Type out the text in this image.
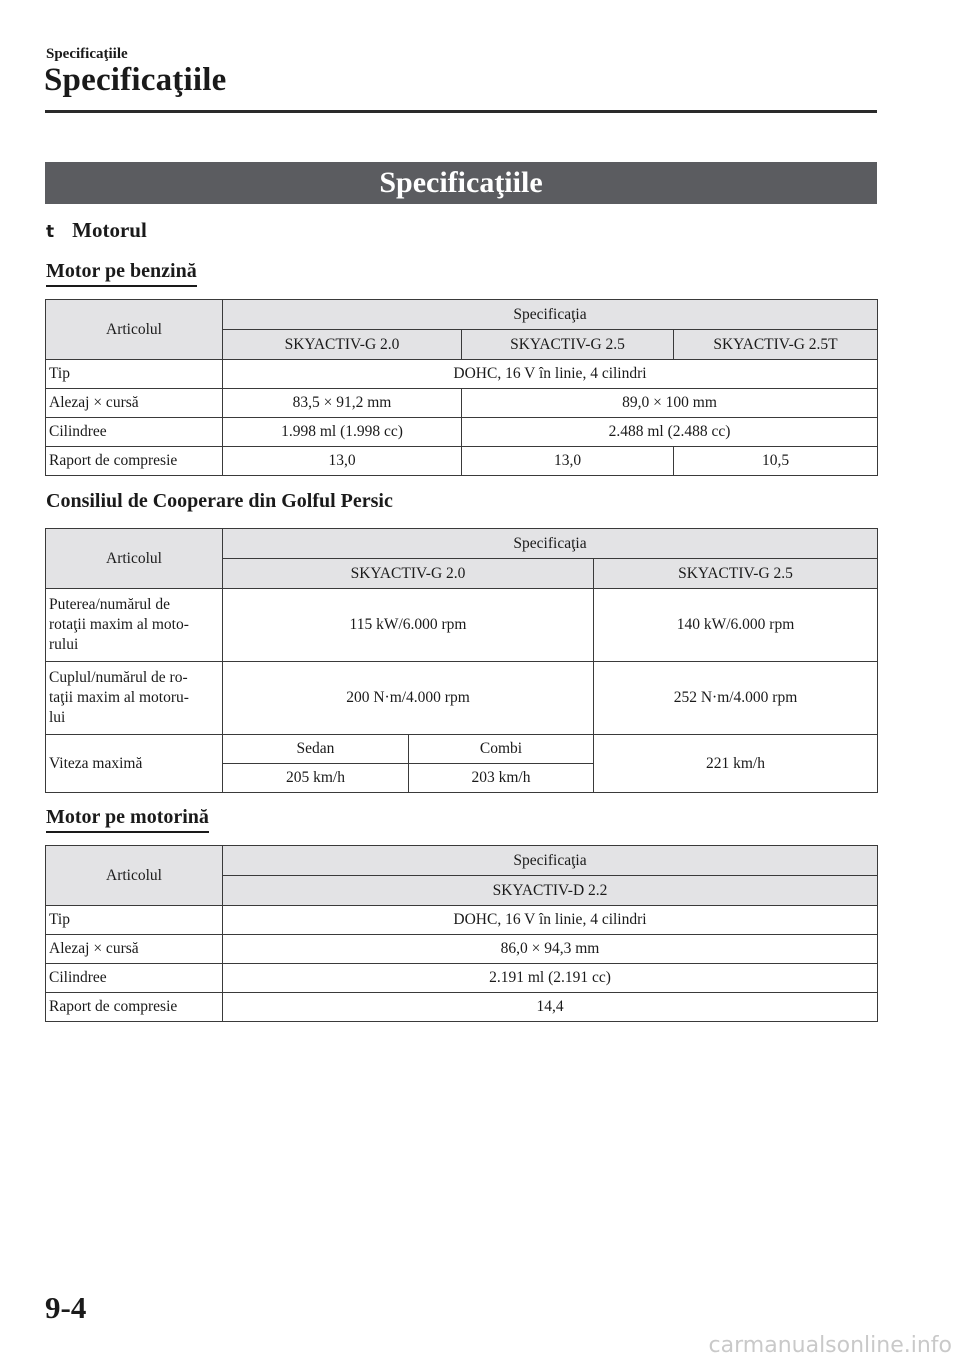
Specificaţiile
Specificaţiile
Specificaţiile
t Motorul
Motor pe benzină
Articolul	Specificaţia		
	SKYACTIV-G 2.0	SKYACTIV-G 2.5	SKYACTIV-G 2.5T
Tip	DOHC, 16 V în linie, 4 cilindri		
Alezaj × cursă	83,5 × 91,2 mm	89,0 × 100 mm	
Cilindree	1.998 ml (1.998 cc)	2.488 ml (2.488 cc)	
Raport de compresie	13,0	13,0	10,5
Consiliul de Cooperare din Golful Persic
Articolul	Specificaţia		
	SKYACTIV-G 2.0		SKYACTIV-G 2.5

Puterea/numărul de
rotaţii maxim al moto-
rului	115 kW/6.000 rpm		140 kW/6.000 rpm

Cuplul/numărul de ro-
taţii maxim al motoru-
lui	200 N·m/4.000 rpm		252 N·m/4.000 rpm
Viteza maximă	Sedan	Combi	221 km/h
	205 km/h	203 km/h	
Motor pe motorină
Articolul	Specificaţia
	SKYACTIV-D 2.2
Tip	DOHC, 16 V în linie, 4 cilindri
Alezaj × cursă	86,0 × 94,3 mm
Cilindree	2.191 ml (2.191 cc)
Raport de compresie	14,4
9-4
carmanualsonline.info
